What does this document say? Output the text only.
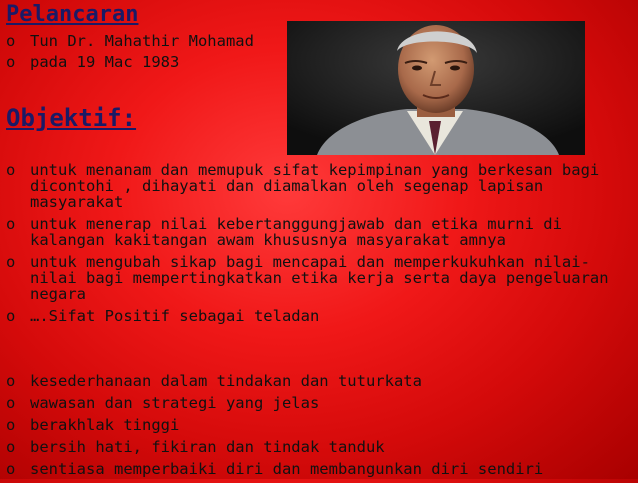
Pelancaran
o Tun Dr. Mahathir Mohamad
o pada 19 Mac 1983
Objektif:
o untuk menanam dan memupuk sifat kepimpinan yang berkesan bagi dicontohi , dihayati dan diamalkan oleh segenap lapisan masyarakat
o untuk menerap nilai kebertanggungjawab dan etika murni di kalangan kakitangan awam khususnya masyarakat amnya
o untuk mengubah sikap bagi mencapai dan memperkukuhkan nilai-nilai bagi mempertingkatkan etika kerja serta daya pengeluaran negara
o ….Sifat Positif sebagai teladan
o kesederhanaan dalam tindakan dan tuturkata
o wawasan dan strategi yang jelas
o berakhlak tinggi
o bersih hati, fikiran dan tindak tanduk
o sentiasa memperbaiki diri dan membangunkan diri sendiri
